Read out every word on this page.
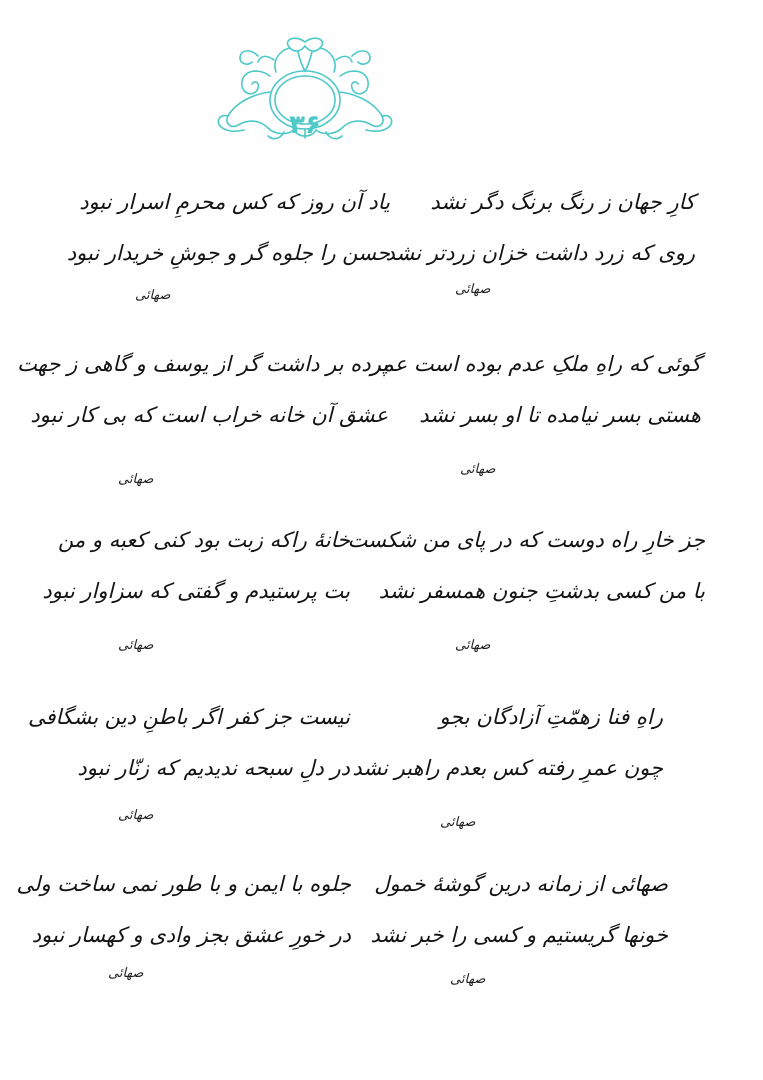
۳۶
کارِ جهان ز رنگ برنگ دگر نشد
روی که زرد داشت خزان زردتر نشد
صهائی
گوئی که راهِ ملکِ عدم بوده است عمر
هستی بسر نیامده تا او بسر نشد
صهائی
جز خارِ راه دوست که در پای من شکست
با من کسی بدشتِ جنون همسفر نشد
صهائی
راهِ فنا زهمّتِ آزادگان بجو
چون عمرِ رفته کس بعدم راهبر نشد
صهائی
صهائی از زمانه درین گوشهٔ خمول
خونها گریستیم و کسی را خبر نشد
صهائی
یاد آن روز که کس محرمِ اسرار نبود
حسن را جلوه گر و جوشِ خریدار نبود
صهائی
پرده بر داشت گر از یوسف و گاهی ز جهت
عشق آن خانه خراب است که بی کار نبود
صهائی
خانهٔ راکه زبت بود کنی کعبه و من
بت پرستیدم و گفتی که سزاوار نبود
صهائی
نیست جز کفر اگر باطنِ دین بشگافی
در دلِ سبحه ندیدیم که زنّار نبود
صهائی
جلوه با ایمن و با طور نمی ساخت ولی
در خورِ عشق بجز وادی و کهسار نبود
صهائی
